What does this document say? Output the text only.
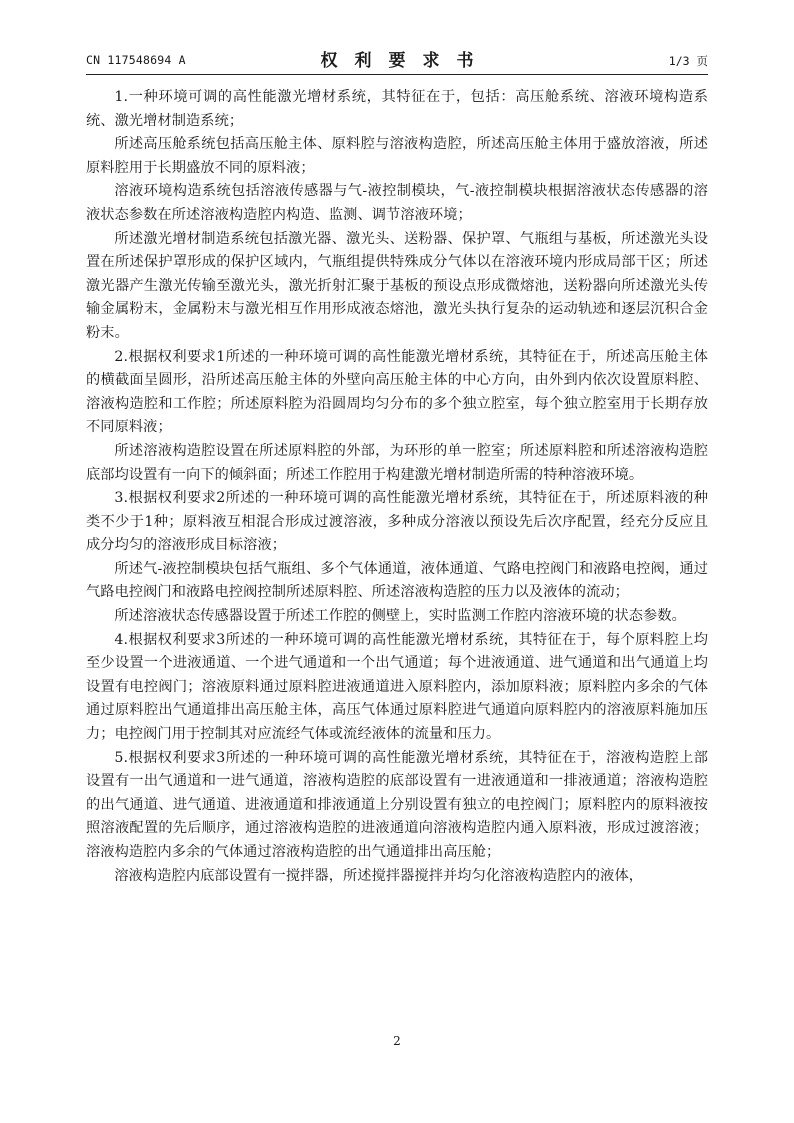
CN 117548694 A	权利要求书	1/3 页

1.一种环境可调的高性能激光增材系统，其特征在于，包括：高压舱系统、溶液环境构造系统、激光增材制造系统；

所述高压舱系统包括高压舱主体、原料腔与溶液构造腔，所述高压舱主体用于盛放溶液，所述原料腔用于长期盛放不同的原料液；

溶液环境构造系统包括溶液传感器与气-液控制模块，气-液控制模块根据溶液状态传感器的溶液状态参数在所述溶液构造腔内构造、监测、调节溶液环境；

所述激光增材制造系统包括激光器、激光头、送粉器、保护罩、气瓶组与基板，所述激光头设置在所述保护罩形成的保护区域内，气瓶组提供特殊成分气体以在溶液环境内形成局部干区；所述激光器产生激光传输至激光头，激光折射汇聚于基板的预设点形成微熔池，送粉器向所述激光头传输金属粉末，金属粉末与激光相互作用形成液态熔池，激光头执行复杂的运动轨迹和逐层沉积合金粉末。

2.根据权利要求1所述的一种环境可调的高性能激光增材系统，其特征在于，所述高压舱主体的横截面呈圆形，沿所述高压舱主体的外壁向高压舱主体的中心方向，由外到内依次设置原料腔、溶液构造腔和工作腔；所述原料腔为沿圆周均匀分布的多个独立腔室，每个独立腔室用于长期存放不同原料液；

所述溶液构造腔设置在所述原料腔的外部，为环形的单一腔室；所述原料腔和所述溶液构造腔底部均设置有一向下的倾斜面；所述工作腔用于构建激光增材制造所需的特种溶液环境。

3.根据权利要求2所述的一种环境可调的高性能激光增材系统，其特征在于，所述原料液的种类不少于1种；原料液互相混合形成过渡溶液，多种成分溶液以预设先后次序配置，经充分反应且成分均匀的溶液形成目标溶液；

所述气-液控制模块包括气瓶组、多个气体通道，液体通道、气路电控阀门和液路电控阀，通过气路电控阀门和液路电控阀控制所述原料腔、所述溶液构造腔的压力以及液体的流动；

所述溶液状态传感器设置于所述工作腔的侧壁上，实时监测工作腔内溶液环境的状态参数。

4.根据权利要求3所述的一种环境可调的高性能激光增材系统，其特征在于，每个原料腔上均至少设置一个进液通道、一个进气通道和一个出气通道；每个进液通道、进气通道和出气通道上均设置有电控阀门；溶液原料通过原料腔进液通道进入原料腔内，添加原料液；原料腔内多余的气体通过原料腔出气通道排出高压舱主体，高压气体通过原料腔进气通道向原料腔内的溶液原料施加压力；电控阀门用于控制其对应流经气体或流经液体的流量和压力。

5.根据权利要求3所述的一种环境可调的高性能激光增材系统，其特征在于，溶液构造腔上部设置有一出气通道和一进气通道，溶液构造腔的底部设置有一进液通道和一排液通道；溶液构造腔的出气通道、进气通道、进液通道和排液通道上分别设置有独立的电控阀门；原料腔内的原料液按照溶液配置的先后顺序，通过溶液构造腔的进液通道向溶液构造腔内通入原料液，形成过渡溶液；溶液构造腔内多余的气体通过溶液构造腔的出气通道排出高压舱；

溶液构造腔内底部设置有一搅拌器，所述搅拌器搅拌并均匀化溶液构造腔内的液体，

2
